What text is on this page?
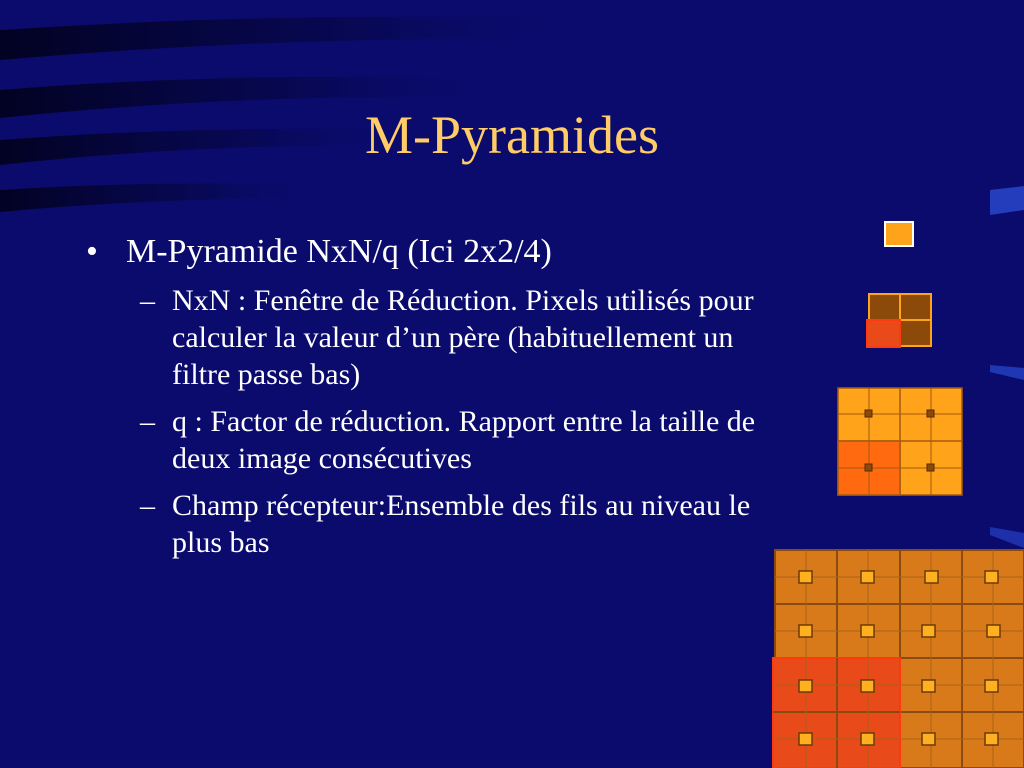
M-Pyramides
• M-Pyramide NxN/q (Ici 2x2/4)
– NxN : Fenêtre de Réduction. Pixels utilisés pour calculer la valeur d’un père (habituellement un filtre passe bas)
– q : Factor de réduction. Rapport entre la taille de deux image consécutives
– Champ récepteur:Ensemble des fils au niveau le plus bas
